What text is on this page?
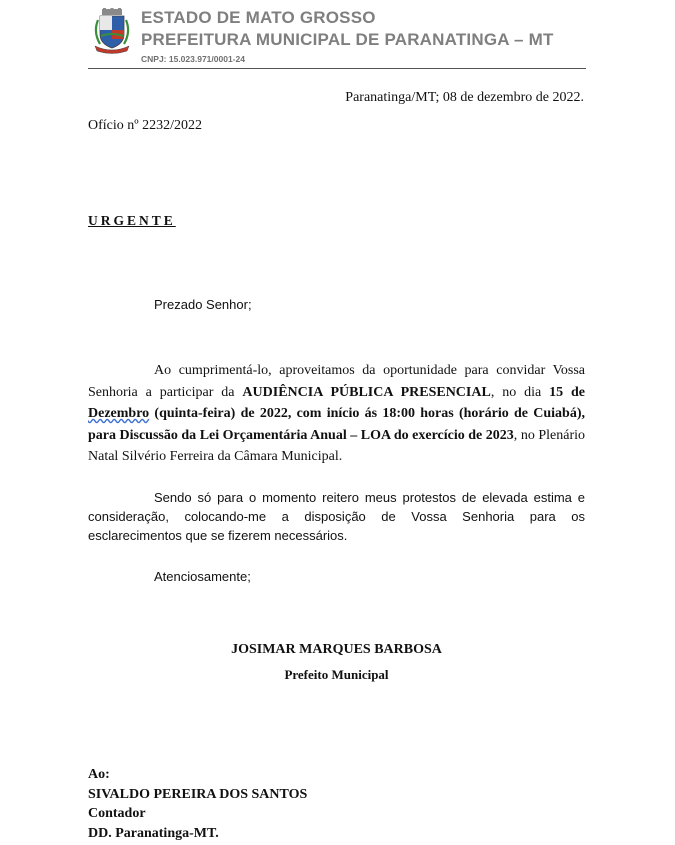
ESTADO DE MATO GROSSO
PREFEITURA MUNICIPAL DE PARANATINGA – MT
CNPJ: 15.023.971/0001-24
Paranatinga/MT; 08 de dezembro de 2022.
Ofício nº 2232/2022
URGENTE
Prezado Senhor;
Ao cumprimentá-lo, aproveitamos da oportunidade para convidar Vossa Senhoria a participar da AUDIÊNCIA PÚBLICA PRESENCIAL, no dia 15 de Dezembro (quinta-feira) de 2022, com início ás 18:00 horas (horário de Cuiabá), para Discussão da Lei Orçamentária Anual – LOA do exercício de 2023, no Plenário Natal Silvério Ferreira da Câmara Municipal.
Sendo só para o momento reitero meus protestos de elevada estima e consideração, colocando-me a disposição de Vossa Senhoria para os esclarecimentos que se fizerem necessários.
Atenciosamente;
JOSIMAR MARQUES BARBOSA
Prefeito Municipal
Ao:
SIVALDO PEREIRA DOS SANTOS
Contador
DD. Paranatinga-MT.
